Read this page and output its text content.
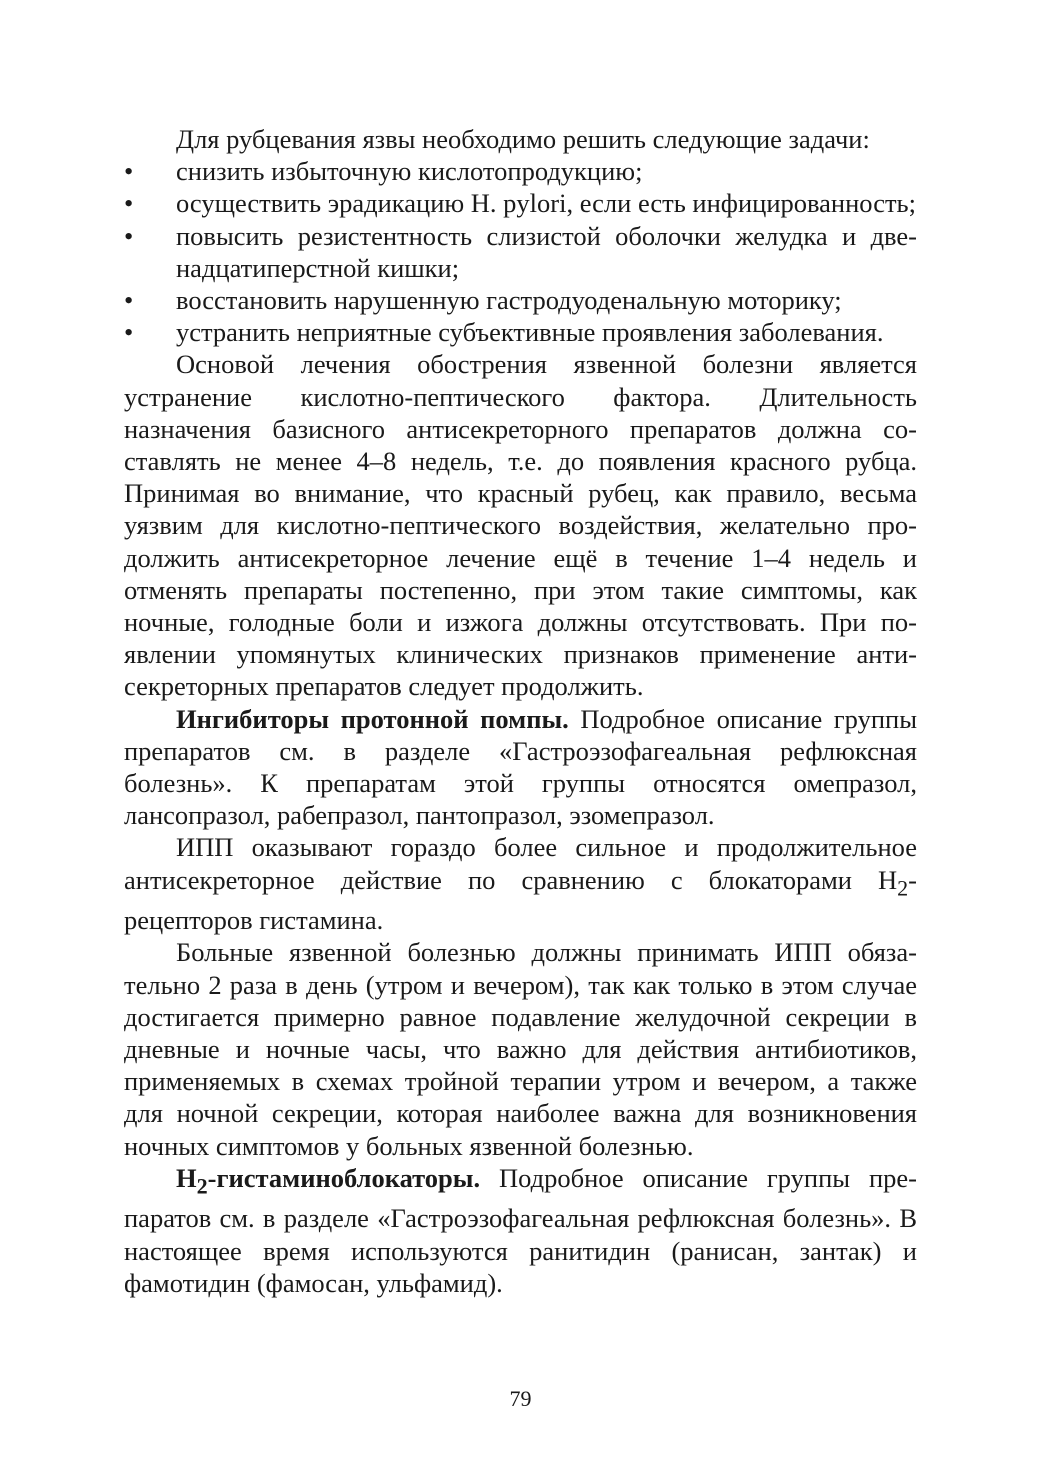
Для рубцевания язвы необходимо решить следующие задачи:

• снизить избыточную кислотопродукцию;
• осуществить эрадикацию H. pylori, если есть инфицированность;
• повысить резистентность слизистой оболочки желудка и двенадцатиперстной кишки;
• восстановить нарушенную гастродуоденальную моторику;
• устранить неприятные субъективные проявления заболевания.

Основой лечения обострения язвенной болезни является устранение кислотно-пептического фактора. Длительность назначения базисного антисекреторного препаратов должна составлять не менее 4–8 недель, т.е. до появления красного рубца. Принимая во внимание, что красный рубец, как правило, весьма уязвим для кислотно-пептического воздействия, желательно продолжить антисекреторное лечение ещё в течение 1–4 недель и отменять препараты постепенно, при этом такие симптомы, как ночные, голодные боли и изжога должны отсутствовать. При появлении упомянутых клинических признаков применение антисекреторных препаратов следует продолжить.

Ингибиторы протонной помпы. Подробное описание группы препаратов см. в разделе «Гастроэзофагеальная рефлюксная болезнь». К препаратам этой группы относятся омепразол, лансопразол, рабепразол, пантопразол, эзомепразол.

ИПП оказывают гораздо более сильное и продолжительное антисекреторное действие по сравнению с блокаторами $H_2$-рецепторов гистамина.

Больные язвенной болезнью должны принимать ИПП обязательно 2 раза в день (утром и вечером), так как только в этом случае достигается примерно равное подавление желудочной секреции в дневные и ночные часы, что важно для действия антибиотиков, применяемых в схемах тройной терапии утром и вечером, а также для ночной секреции, которая наиболее важна для возникновения ночных симптомов у больных язвенной болезнью.

$H_2$-гистаминоблокаторы. Подробное описание группы препаратов см. в разделе «Гастроэзофагеальная рефлюксная болезнь». В настоящее время используются ранитидин (ранисан, зантак) и фамотидин (фамосан, ульфамид).

79
